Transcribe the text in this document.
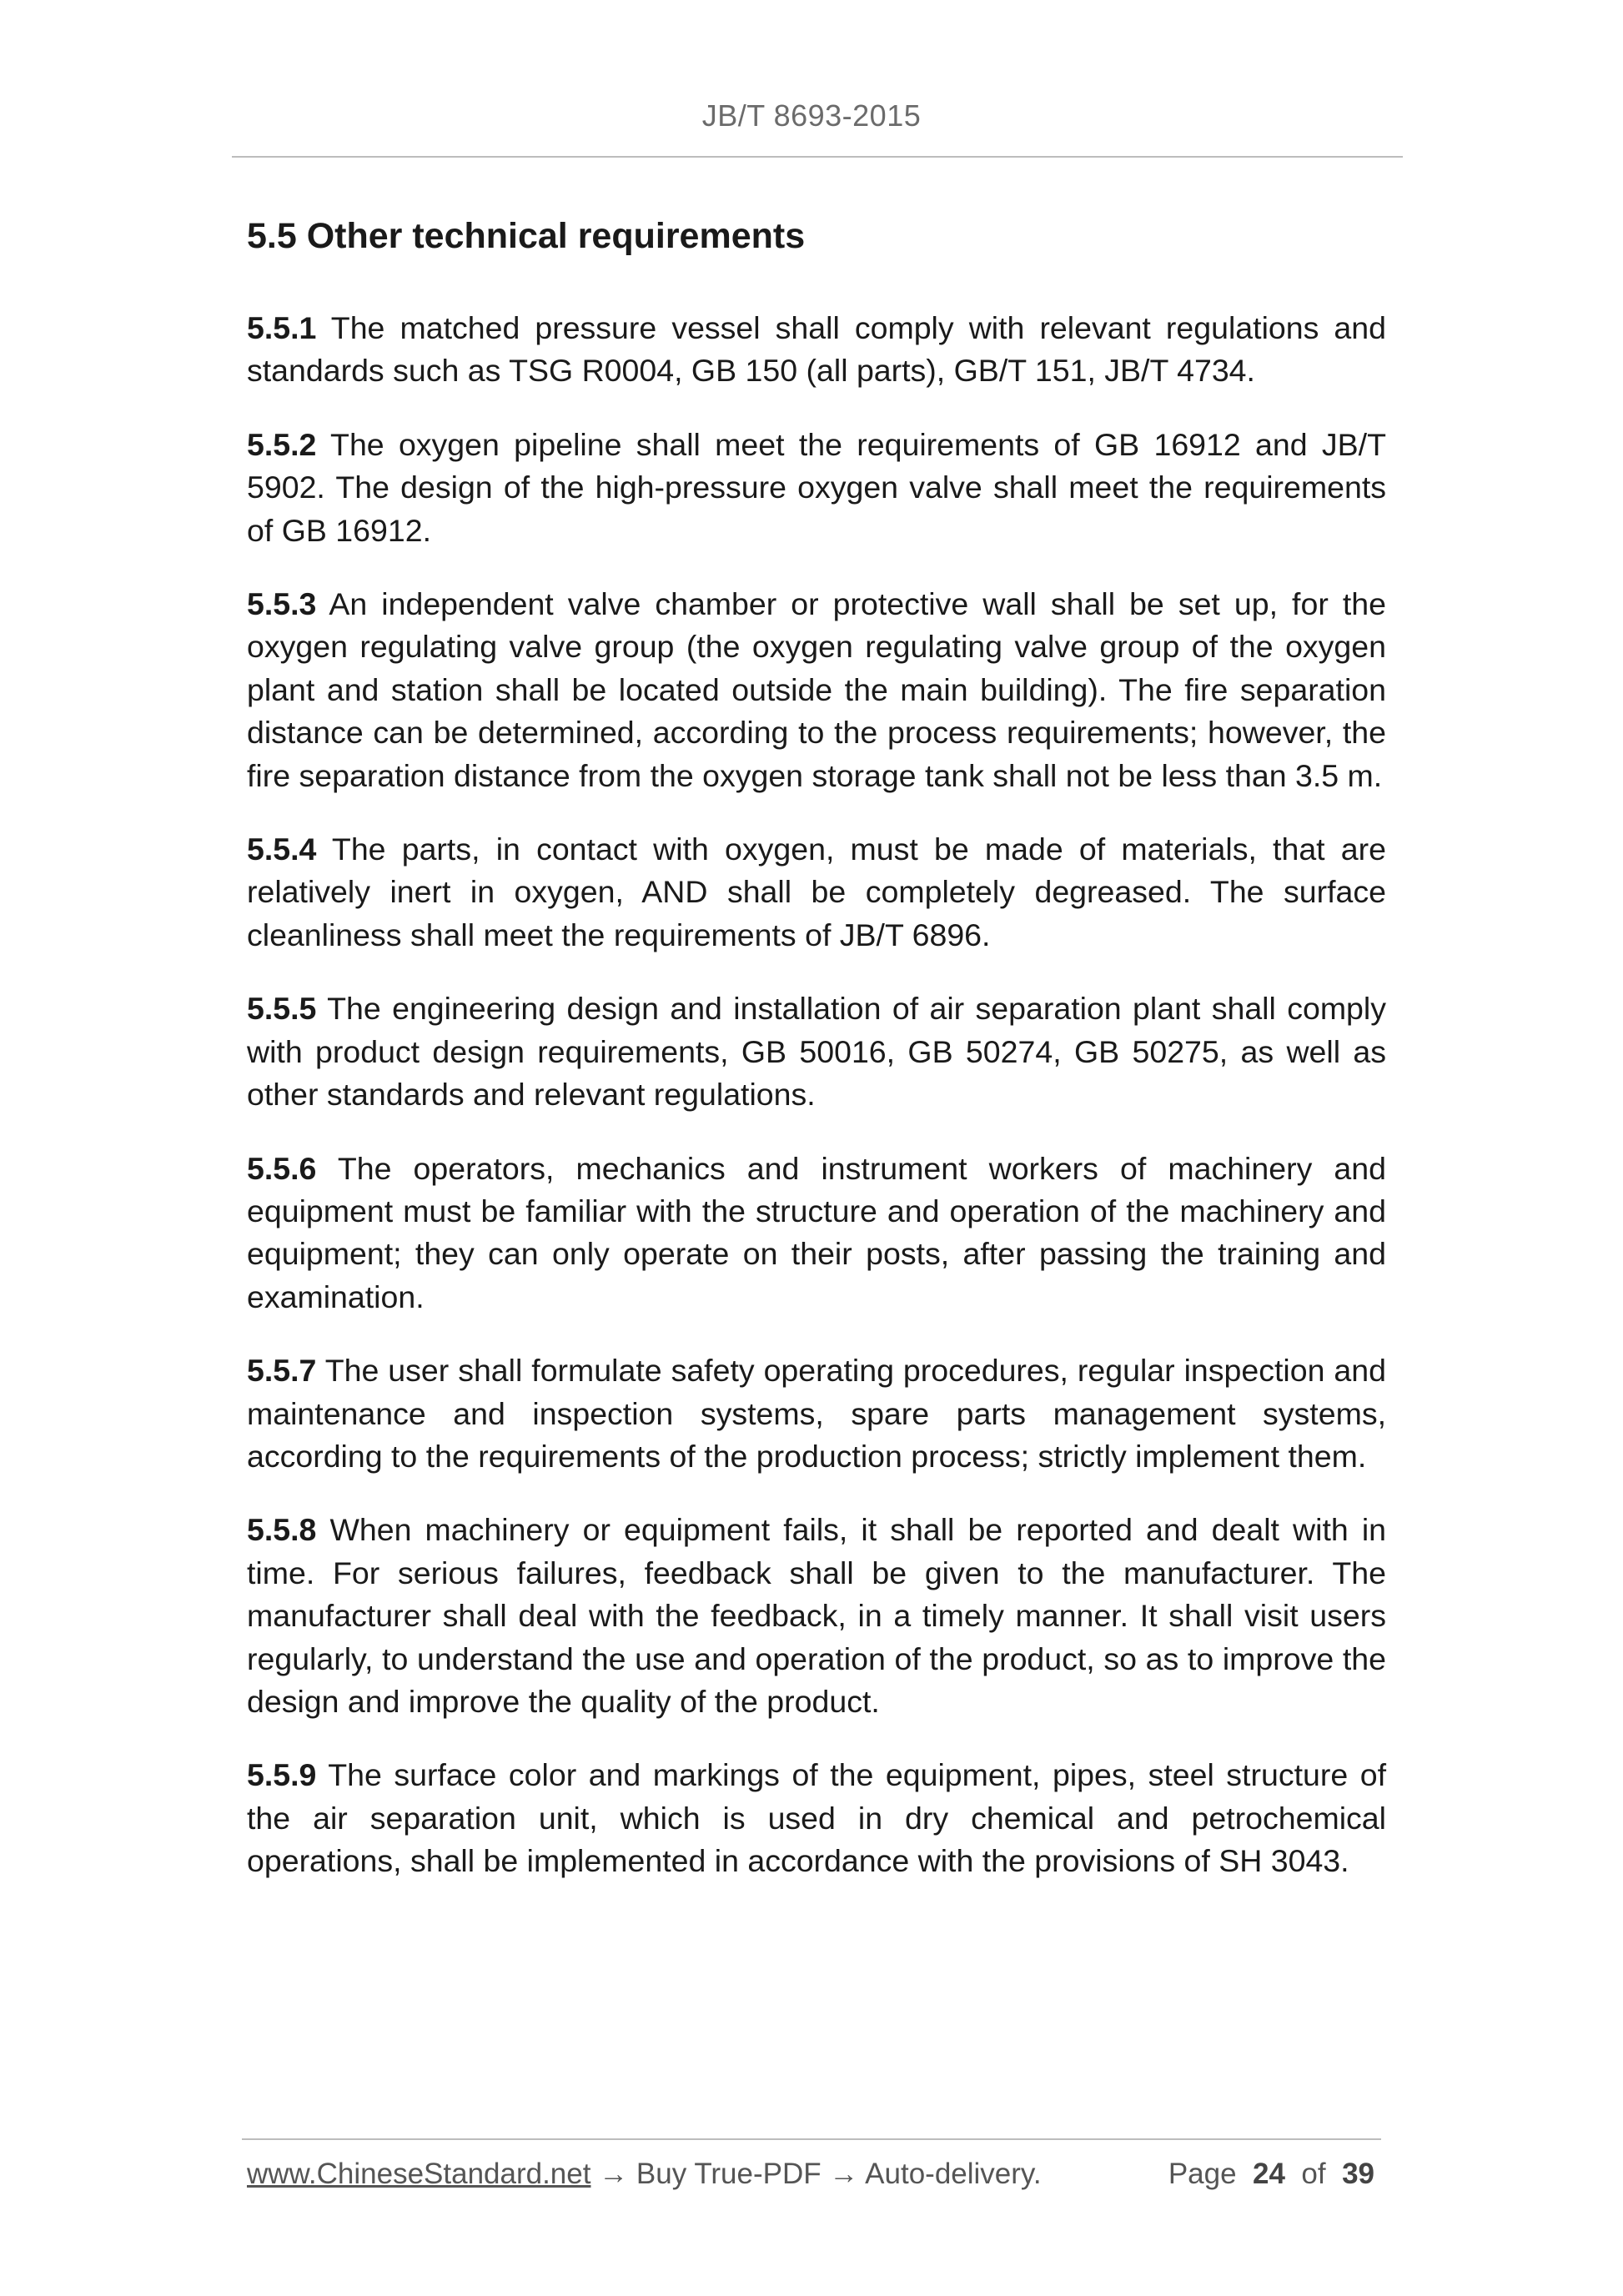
JB/T 8693-2015
5.5 Other technical requirements

5.5.1 The matched pressure vessel shall comply with relevant regulations and standards such as TSG R0004, GB 150 (all parts), GB/T 151, JB/T 4734.

5.5.2 The oxygen pipeline shall meet the requirements of GB 16912 and JB/T 5902. The design of the high-pressure oxygen valve shall meet the requirements of GB 16912.

5.5.3 An independent valve chamber or protective wall shall be set up, for the oxygen regulating valve group (the oxygen regulating valve group of the oxygen plant and station shall be located outside the main building). The fire separation distance can be determined, according to the process requirements; however, the fire separation distance from the oxygen storage tank shall not be less than 3.5 m.

5.5.4 The parts, in contact with oxygen, must be made of materials, that are relatively inert in oxygen, AND shall be completely degreased. The surface cleanliness shall meet the requirements of JB/T 6896.

5.5.5 The engineering design and installation of air separation plant shall comply with product design requirements, GB 50016, GB 50274, GB 50275, as well as other standards and relevant regulations.

5.5.6 The operators, mechanics and instrument workers of machinery and equipment must be familiar with the structure and operation of the machinery and equipment; they can only operate on their posts, after passing the training and examination.

5.5.7 The user shall formulate safety operating procedures, regular inspection and maintenance and inspection systems, spare parts management systems, according to the requirements of the production process; strictly implement them.

5.5.8 When machinery or equipment fails, it shall be reported and dealt with in time. For serious failures, feedback shall be given to the manufacturer. The manufacturer shall deal with the feedback, in a timely manner. It shall visit users regularly, to understand the use and operation of the product, so as to improve the design and improve the quality of the product.

5.5.9 The surface color and markings of the equipment, pipes, steel structure of the air separation unit, which is used in dry chemical and petrochemical operations, shall be implemented in accordance with the provisions of SH 3043.

www.ChineseStandard.net → Buy True-PDF → Auto-delivery.	Page 24 of 39
